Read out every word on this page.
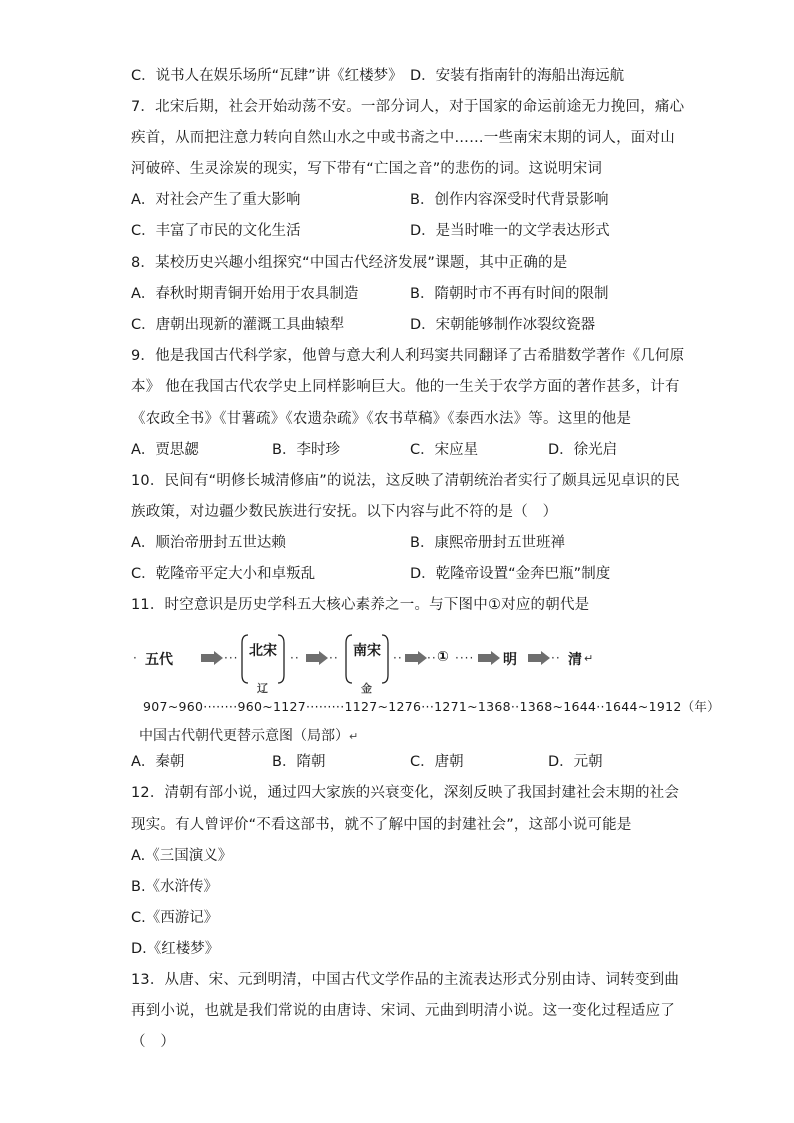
C．说书人在娱乐场所“瓦肆”讲《红楼梦》 D．安装有指南针的海船出海远航
7．北宋后期，社会开始动荡不安。一部分词人，对于国家的命运前途无力挽回，痛心
疾首，从而把注意力转向自然山水之中或书斋之中……一些南宋末期的词人，面对山
河破碎、生灵涂炭的现实，写下带有“亡国之音”的悲伤的词。这说明宋词
A．对社会产生了重大影响	B．创作内容深受时代背景影响
C．丰富了市民的文化生活	D．是当时唯一的文学表达形式
8．某校历史兴趣小组探究“中国古代经济发展”课题，其中正确的是
A．春秋时期青铜开始用于农具制造	B．隋朝时市不再有时间的限制
C．唐朝出现新的灌溉工具曲辕犁	D．宋朝能够制作冰裂纹瓷器
9．他是我国古代科学家，他曾与意大利人利玛窦共同翻译了古希腊数学著作《几何原
本》 他在我国古代农学史上同样影响巨大。他的一生关于农学方面的著作甚多，计有
《农政全书》《甘薯疏》《农遗杂疏》《农书草稿》《泰西水法》等。这里的他是
A．贾思勰	B．李时珍	C．宋应星	D．徐光启
10．民间有“明修长城清修庙”的说法，这反映了清朝统治者实行了颇具远见卓识的民
族政策，对边疆少数民族进行安抚。以下内容与此不符的是（　）
A．顺治帝册封五世达赖	B．康熙帝册封五世班禅
C．乾隆帝平定大小和卓叛乱	D．乾隆帝设置“金奔巴瓶”制度
11．时空意识是历史学科五大核心素养之一。与下图中①对应的朝代是
· 五代	··· 北宋
辽
·· ·· 南宋
金
·· ·· ① ···· 明	·· 清 ↵
907~960········960~1127·········1127~1276···1271~1368··1368~1644··1644~1912（年）
中国古代朝代更替示意图（局部）↵
A．秦朝	B．隋朝	C．唐朝	D．元朝
12．清朝有部小说，通过四大家族的兴衰变化，深刻反映了我国封建社会末期的社会
现实。有人曾评价“不看这部书，就不了解中国的封建社会”，这部小说可能是
A.《三国演义》
B.《水浒传》
C.《西游记》
D.《红楼梦》
13．从唐、宋、元到明清，中国古代文学作品的主流表达形式分别由诗、词转变到曲
再到小说，也就是我们常说的由唐诗、宋词、元曲到明清小说。这一变化过程适应了
（　）
